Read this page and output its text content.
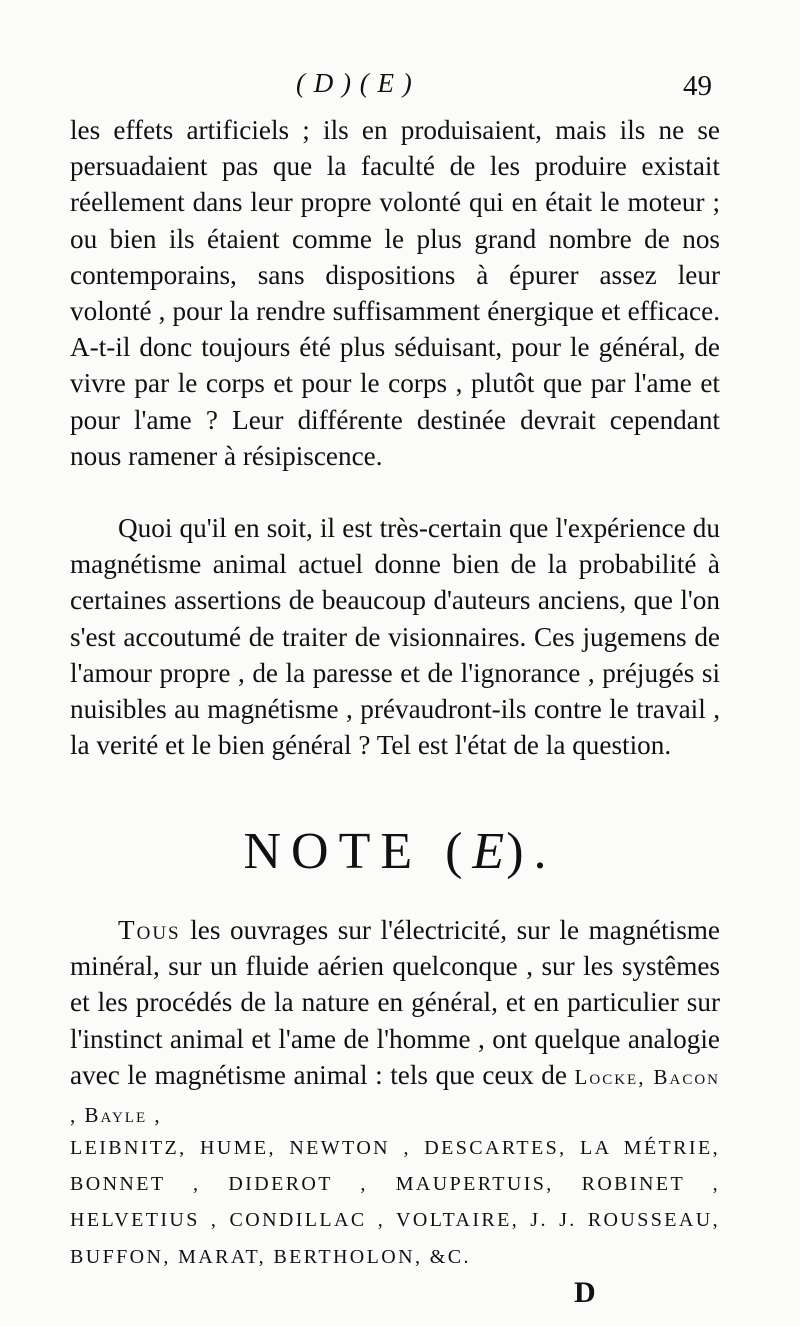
( D ) ( E )	49

les effets artificiels ; ils en produisaient, mais ils ne se persuadaient pas que la faculté de les produire existait réellement dans leur propre volonté qui en était le moteur ; ou bien ils étaient comme le plus grand nombre de nos contemporains, sans dispositions à épurer assez leur volonté , pour la rendre suffisamment énergique et efficace. A-t-il donc toujours été plus séduisant, pour le général, de vivre par le corps et pour le corps , plutôt que par l'ame et pour l'ame ? Leur différente destinée devrait cependant nous ramener à résipiscence.

Quoi qu'il en soit, il est très-certain que l'expérience du magnétisme animal actuel donne bien de la probabilité à certaines assertions de beaucoup d'auteurs anciens, que l'on s'est accoutumé de traiter de visionnaires. Ces jugemens de l'amour propre , de la paresse et de l'ignorance , préjugés si nuisibles au magnétisme , prévaudront-ils contre le travail , la verité et le bien général ? Tel est l'état de la question.

NOTE (E).

Tous les ouvrages sur l'électricité, sur le magnétisme minéral, sur un fluide aérien quelconque , sur les systêmes et les procédés de la nature en général, et en particulier sur l'instinct animal et l'ame de l'homme , ont quelque analogie avec le magnétisme animal : tels que ceux de Locke, Bacon , Bayle ,

LEIBNITZ, HUME, NEWTON , DESCARTES, LA MÉTRIE, BONNET , DIDEROT , MAUPERTUIS, ROBINET , HELVETIUS , CONDILLAC , VOLTAIRE, J. J. ROUSSEAU, BUFFON, MARAT, BERTHOLON, &C.
D
